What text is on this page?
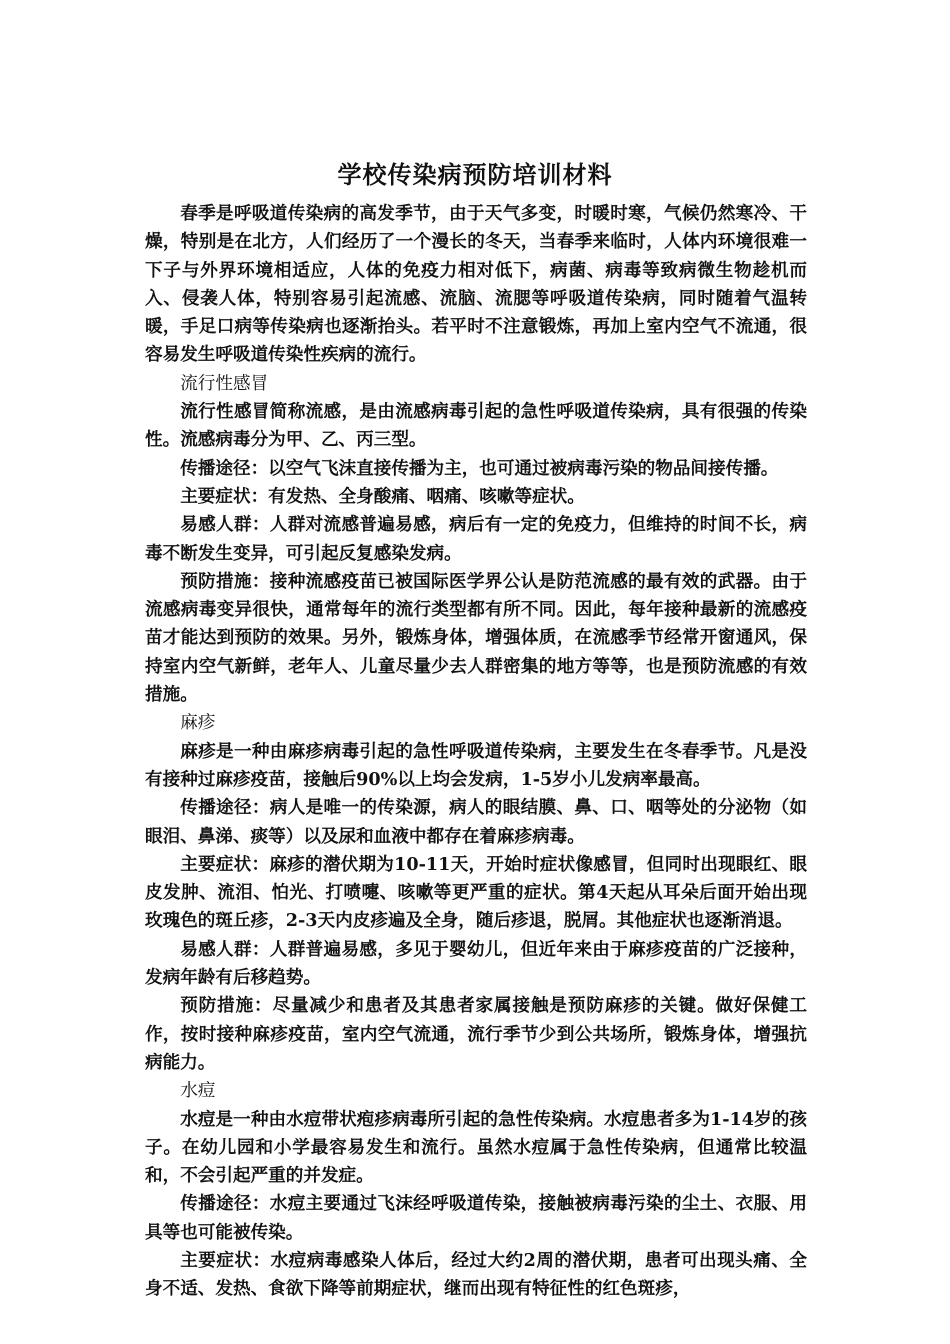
学校传染病预防培训材料

春季是呼吸道传染病的高发季节，由于天气多变，时暖时寒，气候仍然寒冷、干燥，特别是在北方，人们经历了一个漫长的冬天，当春季来临时，人体内环境很难一下子与外界环境相适应，人体的免疫力相对低下，病菌、病毒等致病微生物趁机而入、侵袭人体，特别容易引起流感、流脑、流腮等呼吸道传染病，同时随着气温转暖，手足口病等传染病也逐渐抬头。若平时不注意锻炼，再加上室内空气不流通，很容易发生呼吸道传染性疾病的流行。

流行性感冒

流行性感冒简称流感，是由流感病毒引起的急性呼吸道传染病，具有很强的传染性。流感病毒分为甲、乙、丙三型。

传播途径：以空气飞沫直接传播为主，也可通过被病毒污染的物品间接传播。

主要症状：有发热、全身酸痛、咽痛、咳嗽等症状。

易感人群：人群对流感普遍易感，病后有一定的免疫力，但维持的时间不长，病毒不断发生变异，可引起反复感染发病。

预防措施：接种流感疫苗已被国际医学界公认是防范流感的最有效的武器。由于流感病毒变异很快，通常每年的流行类型都有所不同。因此，每年接种最新的流感疫苗才能达到预防的效果。另外，锻炼身体，增强体质，在流感季节经常开窗通风，保持室内空气新鲜，老年人、儿童尽量少去人群密集的地方等等，也是预防流感的有效措施。

麻疹

麻疹是一种由麻疹病毒引起的急性呼吸道传染病，主要发生在冬春季节。凡是没有接种过麻疹疫苗，接触后90%以上均会发病，1-5岁小儿发病率最高。

传播途径：病人是唯一的传染源，病人的眼结膜、鼻、口、咽等处的分泌物（如眼泪、鼻涕、痰等）以及尿和血液中都存在着麻疹病毒。

主要症状：麻疹的潜伏期为10-11天，开始时症状像感冒，但同时出现眼红、眼皮发肿、流泪、怕光、打喷嚏、咳嗽等更严重的症状。第4天起从耳朵后面开始出现玫瑰色的斑丘疹，2-3天内皮疹遍及全身，随后疹退，脱屑。其他症状也逐渐消退。

易感人群：人群普遍易感，多见于婴幼儿，但近年来由于麻疹疫苗的广泛接种，发病年龄有后移趋势。

预防措施：尽量减少和患者及其患者家属接触是预防麻疹的关键。做好保健工作，按时接种麻疹疫苗，室内空气流通，流行季节少到公共场所，锻炼身体，增强抗病能力。

水痘

水痘是一种由水痘带状疱疹病毒所引起的急性传染病。水痘患者多为1-14岁的孩子。在幼儿园和小学最容易发生和流行。虽然水痘属于急性传染病，但通常比较温和，不会引起严重的并发症。

传播途径：水痘主要通过飞沫经呼吸道传染，接触被病毒污染的尘土、衣服、用具等也可能被传染。

主要症状：水痘病毒感染人体后，经过大约2周的潜伏期，患者可出现头痛、全身不适、发热、食欲下降等前期症状，继而出现有特征性的红色斑疹，
